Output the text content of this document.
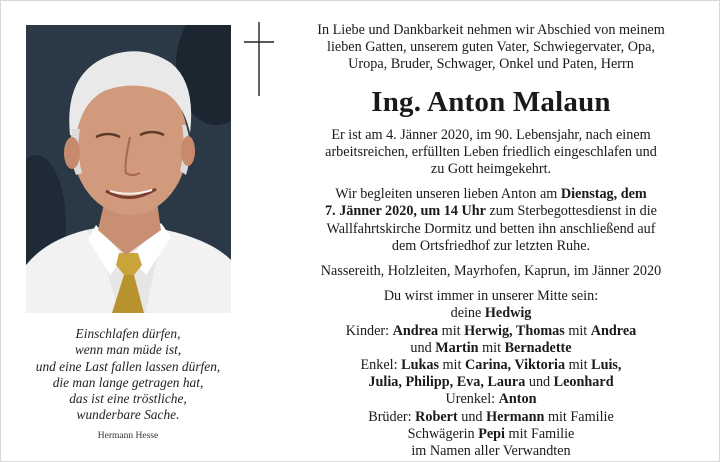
Einschlafen dürfen,
wenn man müde ist,
und eine Last fallen lassen dürfen,
die man lange getragen hat,
das ist eine tröstliche,
wunderbare Sache.
Hermann Hesse
In Liebe und Dankbarkeit nehmen wir Abschied von meinem
lieben Gatten, unserem guten Vater, Schwiegervater, Opa,
Uropa, Bruder, Schwager, Onkel und Paten, Herrn
Ing. Anton Malaun
Er ist am 4. Jänner 2020, im 90. Lebensjahr, nach einem
arbeitsreichen, erfüllten Leben friedlich eingeschlafen und
zu Gott heimgekehrt.
Wir begleiten unseren lieben Anton am Dienstag, dem
7. Jänner 2020, um 14 Uhr zum Sterbegottesdienst in die
Wallfahrtskirche Dormitz und betten ihn anschließend auf
dem Ortsfriedhof zur letzten Ruhe.
Nassereith, Holzleiten, Mayrhofen, Kaprun, im Jänner 2020
Du wirst immer in unserer Mitte sein:
deine Hedwig
Kinder: Andrea mit Herwig, Thomas mit Andrea
und Martin mit Bernadette
Enkel: Lukas mit Carina, Viktoria mit Luis,
Julia, Philipp, Eva, Laura und Leonhard
Urenkel: Anton
Brüder: Robert und Hermann mit Familie
Schwägerin Pepi mit Familie
im Namen aller Verwandten
